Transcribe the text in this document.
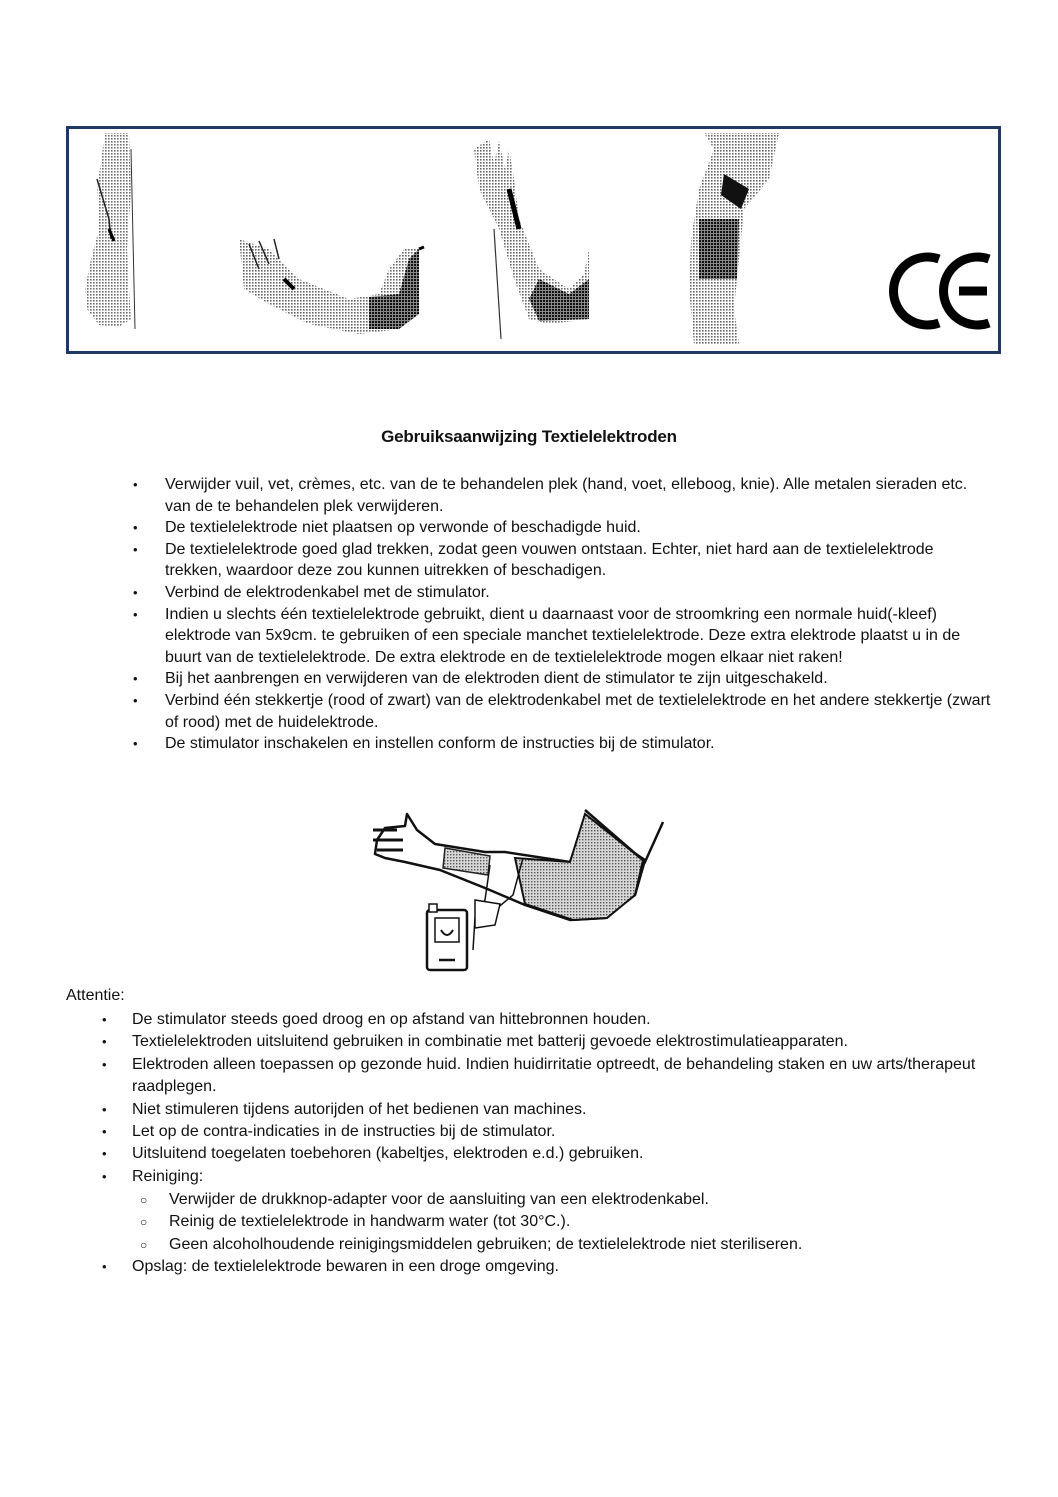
Gebruiksaanwijzing Textielelektroden
• Verwijder vuil, vet, crèmes, etc. van de te behandelen plek (hand, voet, elleboog, knie). Alle metalen sieraden etc. van de te behandelen plek verwijderen.
• De textielelektrode niet plaatsen op verwonde of beschadigde huid.
• De textielelektrode goed glad trekken, zodat geen vouwen ontstaan. Echter, niet hard aan de textielelektrode trekken, waardoor deze zou kunnen uitrekken of beschadigen.
• Verbind de elektrodenkabel met de stimulator.
• Indien u slechts één textielelektrode gebruikt, dient u daarnaast voor de stroomkring een normale huid(-kleef) elektrode van 5x9cm. te gebruiken of een speciale manchet textielelektrode. Deze extra elektrode plaatst u in de buurt van de textielelektrode. De extra elektrode en de textielelektrode mogen elkaar niet raken!
• Bij het aanbrengen en verwijderen van de elektroden dient de stimulator te zijn uitgeschakeld.
• Verbind één stekkertje (rood of zwart) van de elektrodenkabel met de textielelektrode en het andere stekkertje (zwart of rood) met de huidelektrode.
• De stimulator inschakelen en instellen conform de instructies bij de stimulator.
Attentie:
• De stimulator steeds goed droog en op afstand van hittebronnen houden.
• Textielelektroden uitsluitend gebruiken in combinatie met batterij gevoede elektrostimulatieapparaten.
• Elektroden alleen toepassen op gezonde huid. Indien huidirritatie optreedt, de behandeling staken en uw arts/therapeut raadplegen.
• Niet stimuleren tijdens autorijden of het bedienen van machines.
• Let op de contra-indicaties in de instructies bij de stimulator.
• Uitsluitend toegelaten toebehoren (kabeltjes, elektroden e.d.) gebruiken.
• Reiniging:
○ Verwijder de drukknop-adapter voor de aansluiting van een elektrodenkabel.
○ Reinig de textielelektrode in handwarm water (tot 30°C.).
○ Geen alcoholhoudende reinigingsmiddelen gebruiken; de textielelektrode niet steriliseren.
• Opslag: de textielelektrode bewaren in een droge omgeving.
